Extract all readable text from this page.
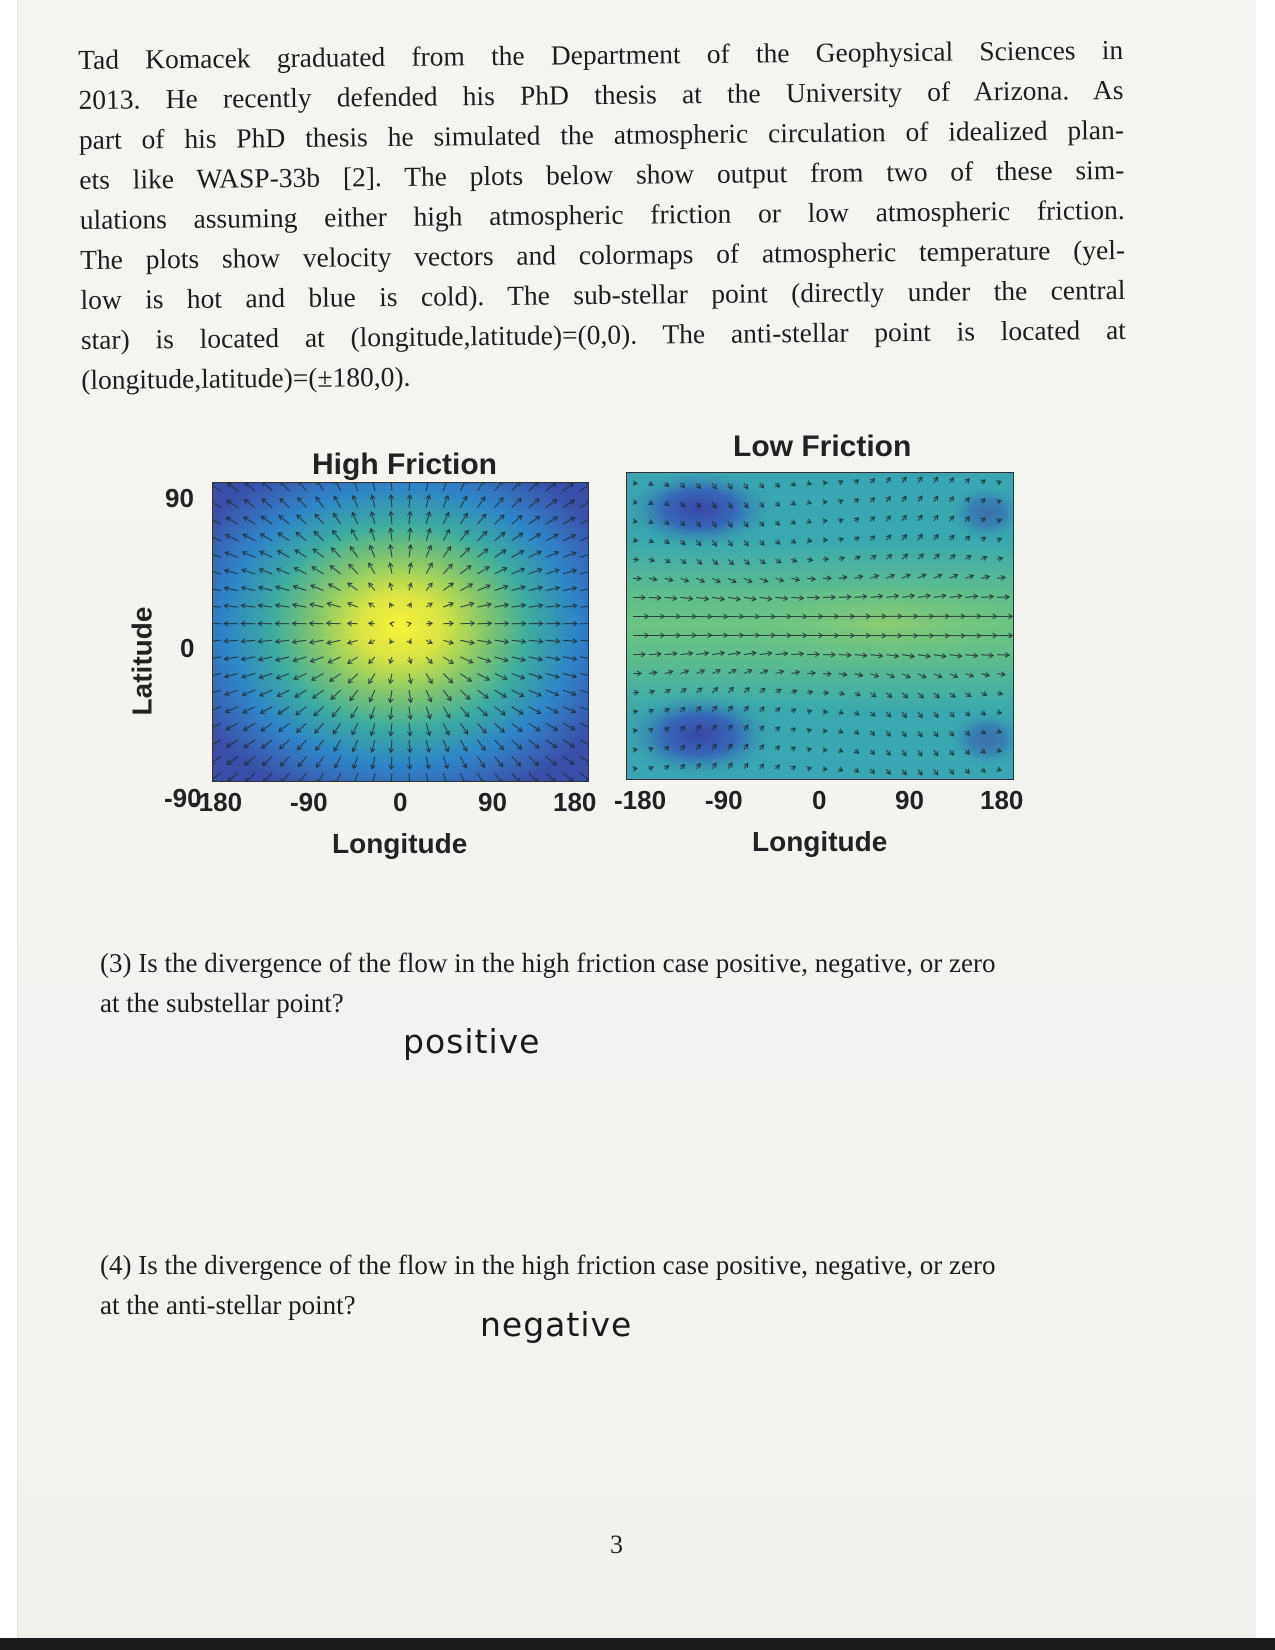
Tad Komacek graduated from the Department of the Geophysical Sciences in
2013. He recently defended his PhD thesis at the University of Arizona. As
part of his PhD thesis he simulated the atmospheric circulation of idealized plan-
ets like WASP-33b [2]. The plots below show output from two of these sim-
ulations assuming either high atmospheric friction or low atmospheric friction.
The plots show velocity vectors and colormaps of atmospheric temperature (yel-
low is hot and blue is cold). The sub-stellar point (directly under the central
star) is located at (longitude,latitude)=(0,0). The anti-stellar point is located at
(longitude,latitude)=(±180,0).
High Friction
90
0
-90
Latitude
-180 -90	0	90 180
Longitude
Low Friction
-180 -90	0	90 180
Longitude
(3) Is the divergence of the flow in the high friction case positive, negative, or zero
at the substellar point?
positive
(4) Is the divergence of the flow in the high friction case positive, negative, or zero
at the anti-stellar point?	negative
3
